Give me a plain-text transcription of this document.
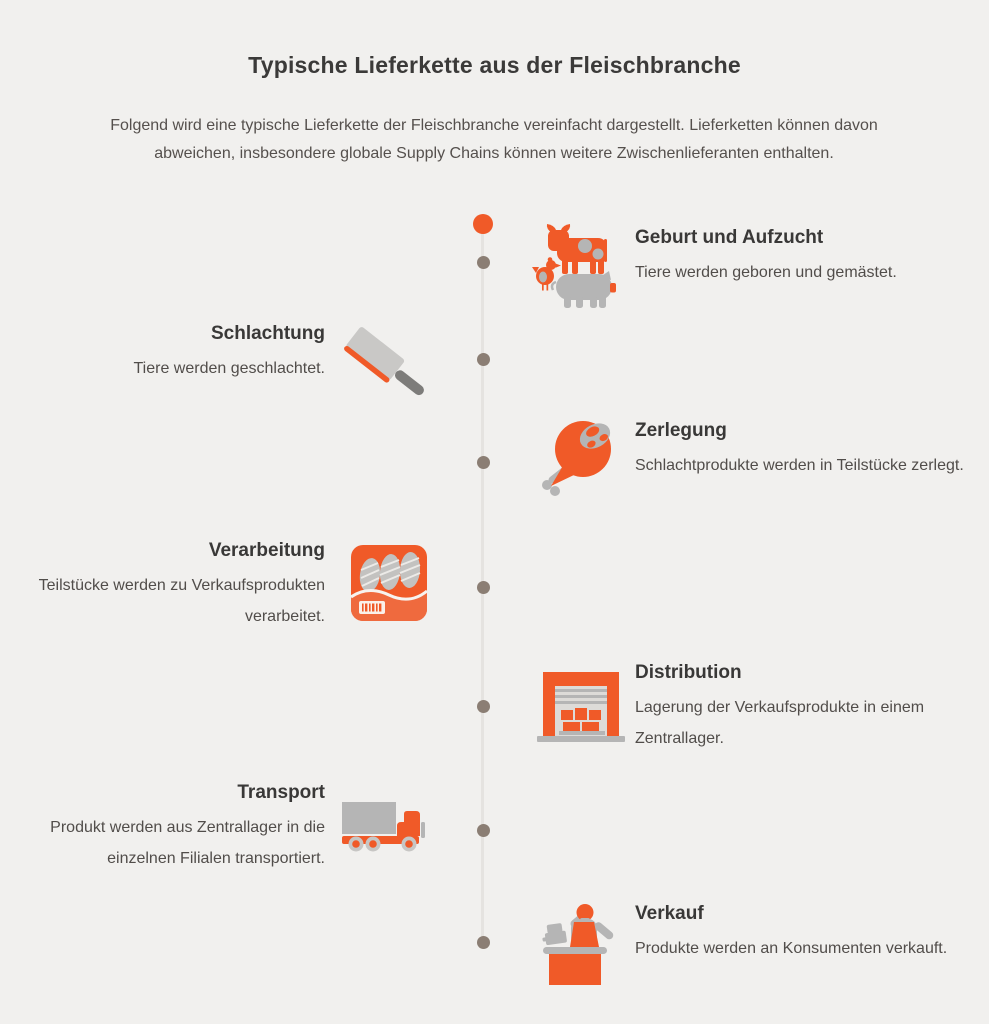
Typische Lieferkette aus der Fleischbranche
Folgend wird eine typische Lieferkette der Fleischbranche vereinfacht dargestellt. Lieferketten können davon abweichen, insbesondere globale Supply Chains können weitere Zwischenlieferanten enthalten.

Geburt und Aufzucht

Tiere werden geboren und gemästet.

Schlachtung

Tiere werden geschlachtet.

Zerlegung

Schlachtprodukte werden in Teilstücke zerlegt.

Verarbeitung

Teilstücke werden zu Verkaufsprodukten verarbeitet.

Distribution

Lagerung der Verkaufsprodukte in einem Zentrallager.

Transport

Produkt werden aus Zentrallager in die einzelnen Filialen transportiert.

Verkauf

Produkte werden an Konsumenten verkauft.
